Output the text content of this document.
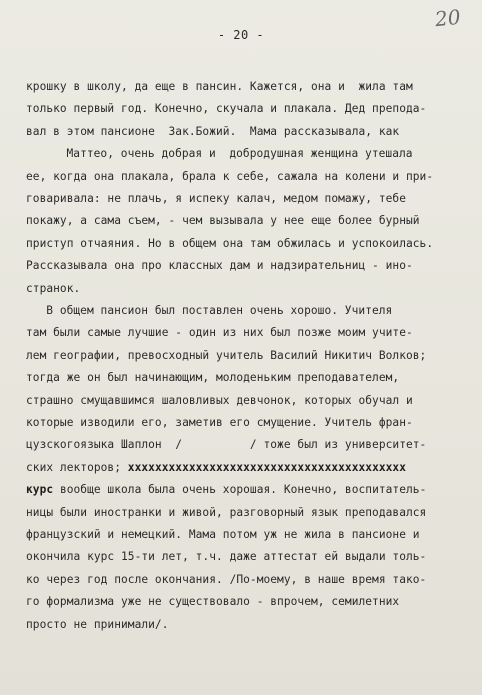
20
- 20 -
крошку в школу, да еще в пансин. Кажется, она и  жила там
только первый год. Конечно, скучала и плакала. Дед препода-
вал в этом пансионе  Зак.Божий.  Мама рассказывала, как
Маттео, очень добрая и  добродушная женщина утешала
ее, когда она плакала, брала к себе, сажала на колени и при-
говаривала: не плачь, я испеку калач, медом помажу, тебе
покажу, а сама съем, - чем вызывала у нее еще более бурный
приступ отчаяния. Но в общем она там обжилась и успокоилась.
Рассказывала она про классных дам и надзирательниц - ино-
странок.
В общем пансион был поставлен очень хорошо. Учителя
там были самые лучшие - один из них был позже моим учите-
лем географии, превосходный учитель Василий Никитич Волков;
тогда же он был начинающим, молоденьким преподавателем,
страшно смущавшимся шаловливых девчонок, которых обучал и
которые изводили его, заметив его смущение. Учитель фран-
цузскогоязыка Шаплон  /          / тоже был из университет-
ских лекторов; xxxxxxxxxxxxxxxxxxxxxxxxxxxxxxxxxxxxxxxxx
курс вообще школа была очень хорошая. Конечно, воспитатель-
ницы были иностранки и живой, разговорный язык преподавался
французский и немецкий. Мама потом уж не жила в пансионе и
окончила курс 15-ти лет, т.ч. даже аттестат ей выдали толь-
ко через год после окончания. /По-моему, в наше время тако-
го формализма уже не существовало - впрочем, семилетних
просто не принимали/.
